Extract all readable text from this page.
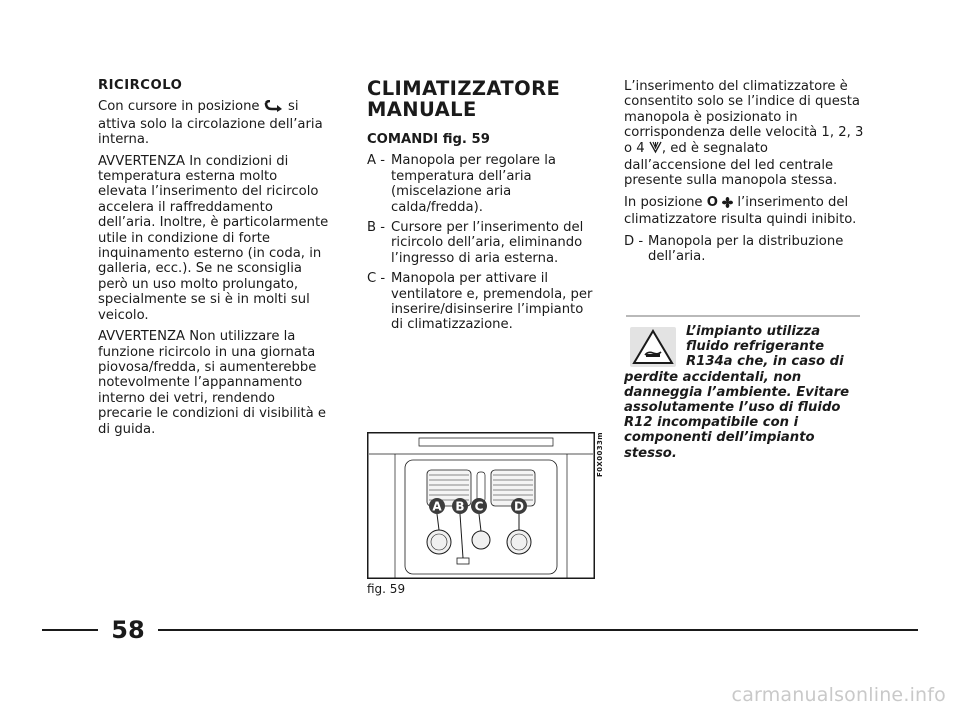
RICIRCOLO

Con cursore in posizione  si attiva solo la circolazione dell’aria interna.

AVVERTENZA In condizioni di temperatura esterna molto elevata l’inserimento del ricircolo accelera il raffreddamento dell’aria. Inoltre, è particolarmente utile in condizione di forte inquinamento esterno (in coda, in galleria, ecc.). Se ne sconsiglia però un uso molto prolungato, specialmente se si è in molti sul veicolo.

AVVERTENZA Non utilizzare la funzione ricircolo in una giornata piovosa/fredda, si aumenterebbe notevolmente l’appannamento interno dei vetri, rendendo precarie le condizioni di visibilità e di guida.

CLIMATIZZATORE
MANUALE

COMANDI fig. 59

A - Manopola per regolare la temperatura dell’aria (miscelazione aria calda/fredda).
B - Cursore per l’inserimento del ricircolo dell’aria, eliminando l’ingresso di aria esterna.
C - Manopola per attivare il ventilatore e, premendola, per inserire/disinserire l’impianto di climatizzazione.

L’inserimento del climatizzatore è consentito solo se l’indice di questa manopola è posizionato in corrispondenza delle velocità 1, 2, 3 o 4 , ed è segnalato dall’accensione del led centrale presente sulla manopola stessa.

In posizione O  l’inserimento del climatizzatore risulta quindi inibito.

D - Manopola per la distribuzione dell’aria.
L’impianto utilizza
fluido refrigerante
R134a che, in caso di
perdite accidentali, non danneggia l’ambiente. Evitare assolutamente l’uso di fluido R12 incompatibile con i componenti dell’impianto stesso.
A B C	D
F0X0033m
fig. 59
58
carmanualsonline.info
